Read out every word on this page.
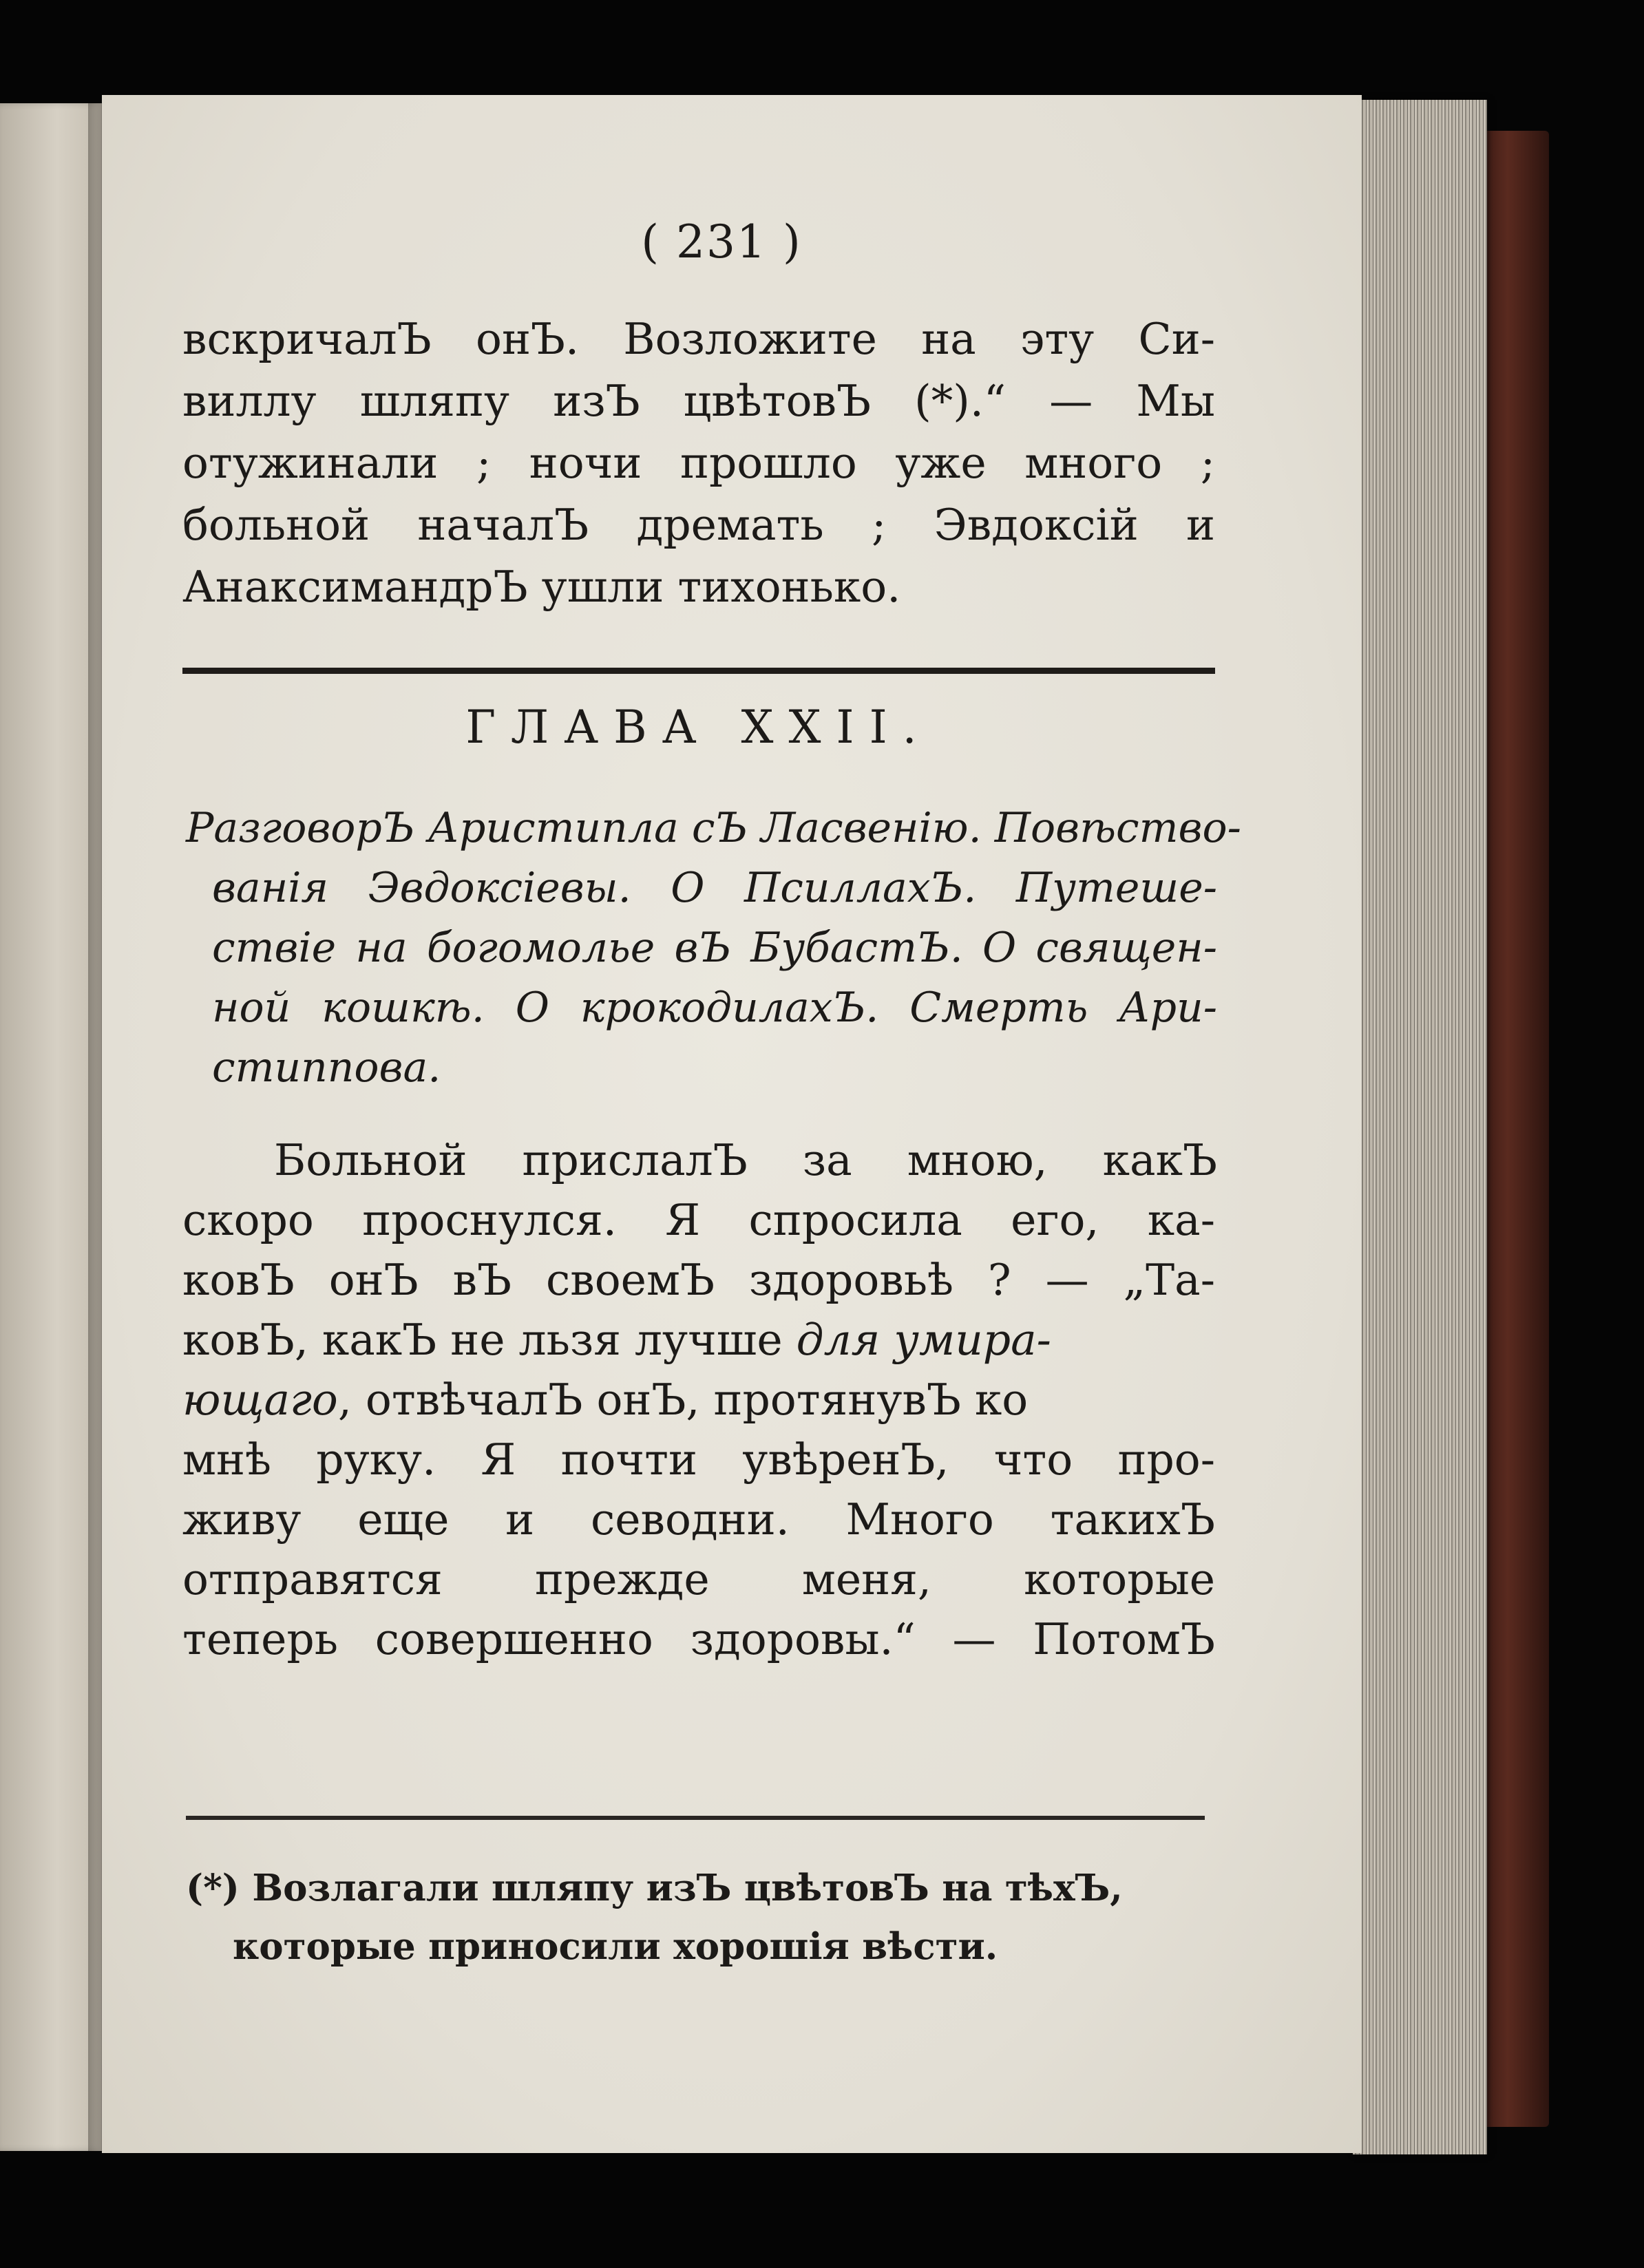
( 231 )
вскричалЪ онЪ. Возложите на эту Си-
виллу шляпу изЪ цвѣтовЪ (*).“ — Мы
отужинали ; ночи прошло уже много ;
больной началЪ дремать ; Эвдоксій и
АнаксимандрЪ ушли тихонько.
ГЛАВА XXII.
РазговорЪ Аристипла сЪ Ласвенію. Повѣство-
ванія Эвдоксіевы. О ПсиллахЪ. Путеше-
ствіе на богомолье вЪ БубастЪ. О священ-
ной кошкѣ. О крокодилахЪ. Смерть Ари-
стиппова.
Больной прислалЪ за мною, какЪ
скоро проснулся. Я спросила его, ка-
ковЪ онЪ вЪ своемЪ здоровьѣ ? — „Та-
ковЪ, какЪ не льзя лучше для умира-
ющаго, отвѣчалЪ онЪ, протянувЪ ко
мнѣ руку. Я почти увѣренЪ, что про-
живу еще и севодни. Много такихЪ
отправятся прежде меня, которые
теперь совершенно здоровы.“ — ПотомЪ
(*) Возлагали шляпу изЪ цвѣтовЪ на тѣхЪ,
которые приносили хорошія вѣсти.
